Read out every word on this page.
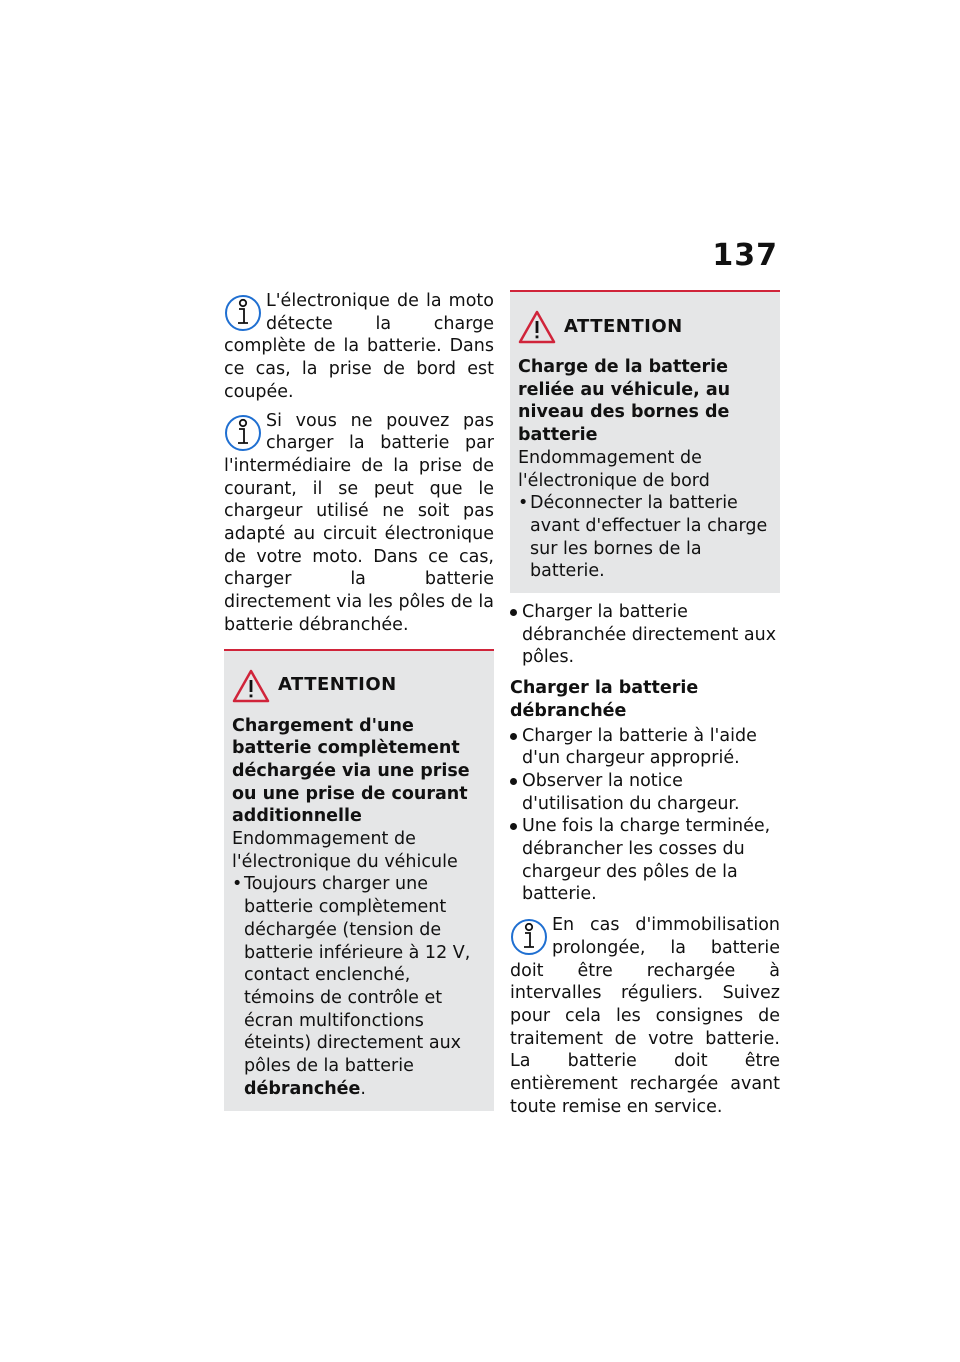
137

L'électronique de la moto détecte la charge complète de la batterie. Dans ce cas, la prise de bord est coupée.

Si vous ne pouvez pas charger la batterie par l'intermédiaire de la prise de courant, il se peut que le chargeur utilisé ne soit pas adapté au circuit électronique de votre moto. Dans ce cas, charger la batterie directement via les pôles de la batterie débranchée.

ATTENTION

Chargement d'une batterie complètement déchargée via une prise ou une prise de courant additionnelle

Endommagement de l'électronique du véhicule

• Toujours charger une batterie complètement déchargée (tension de batterie inférieure à 12 V, contact enclenché, témoins de contrôle et écran multifonctions éteints) directement aux pôles de la batterie débranchée.
ATTENTION

Charge de la batterie reliée au véhicule, au niveau des bornes de batterie

Endommagement de l'électronique de bord

• Déconnecter la batterie avant d'effectuer la charge sur les bornes de la batterie.
Charger la batterie débranchée directement aux pôles.
Charger la batterie débranchée
Charger la batterie à l'aide d'un chargeur approprié.
Observer la notice d'utilisation du chargeur.
Une fois la charge terminée, débrancher les cosses du chargeur des pôles de la batterie.

En cas d'immobilisation prolongée, la batterie doit être rechargée à intervalles réguliers. Suivez pour cela les consignes de traitement de votre batterie. La batterie doit être entièrement rechargée avant toute remise en service.
